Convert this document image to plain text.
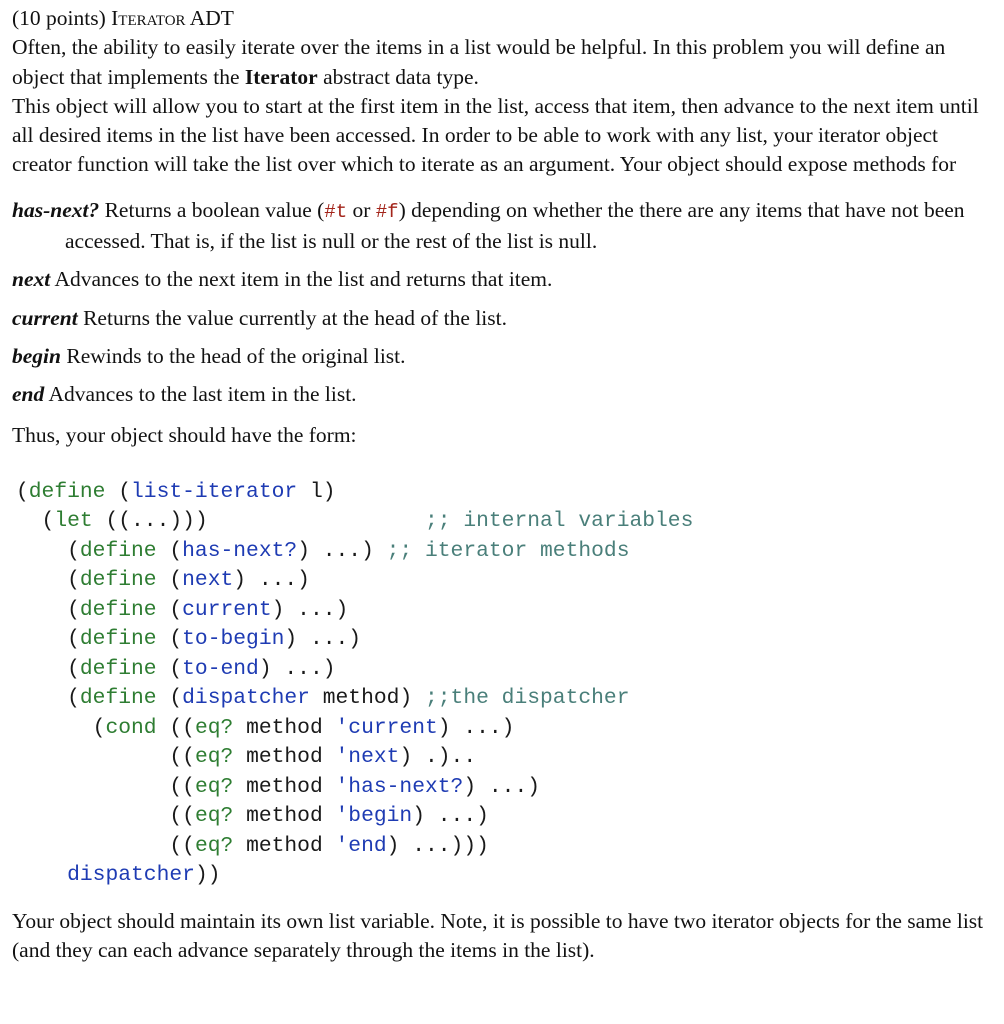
(10 points) Iterator ADT

Often, the ability to easily iterate over the items in a list would be helpful. In this problem you will define an object that implements the Iterator abstract data type.

This object will allow you to start at the first item in the list, access that item, then advance to the next item until all desired items in the list have been accessed. In order to be able to work with any list, your iterator object creator function will take the list over which to iterate as an argument. Your object should expose methods for

has-next? Returns a boolean value (#t or #f) depending on whether the there are any items that have not been accessed. That is, if the list is null or the rest of the list is null.

next Advances to the next item in the list and returns that item.

current Returns the value currently at the head of the list.

begin Rewinds to the head of the original list.

end Advances to the last item in the list.

Thus, your object should have the form:

(define (list-iterator l)
(let ((...)))                 ;; internal variables
(define (has-next?) ...) ;; iterator methods
(define (next) ...)
(define (current) ...)
(define (to-begin) ...)
(define (to-end) ...)
(define (dispatcher method) ;;the dispatcher
(cond ((eq? method 'current) ...)
((eq? method 'next) .)..
((eq? method 'has-next?) ...)
((eq? method 'begin) ...)
((eq? method 'end) ...)))
dispatcher))

Your object should maintain its own list variable. Note, it is possible to have two iterator objects for the same list (and they can each advance separately through the items in the list).
